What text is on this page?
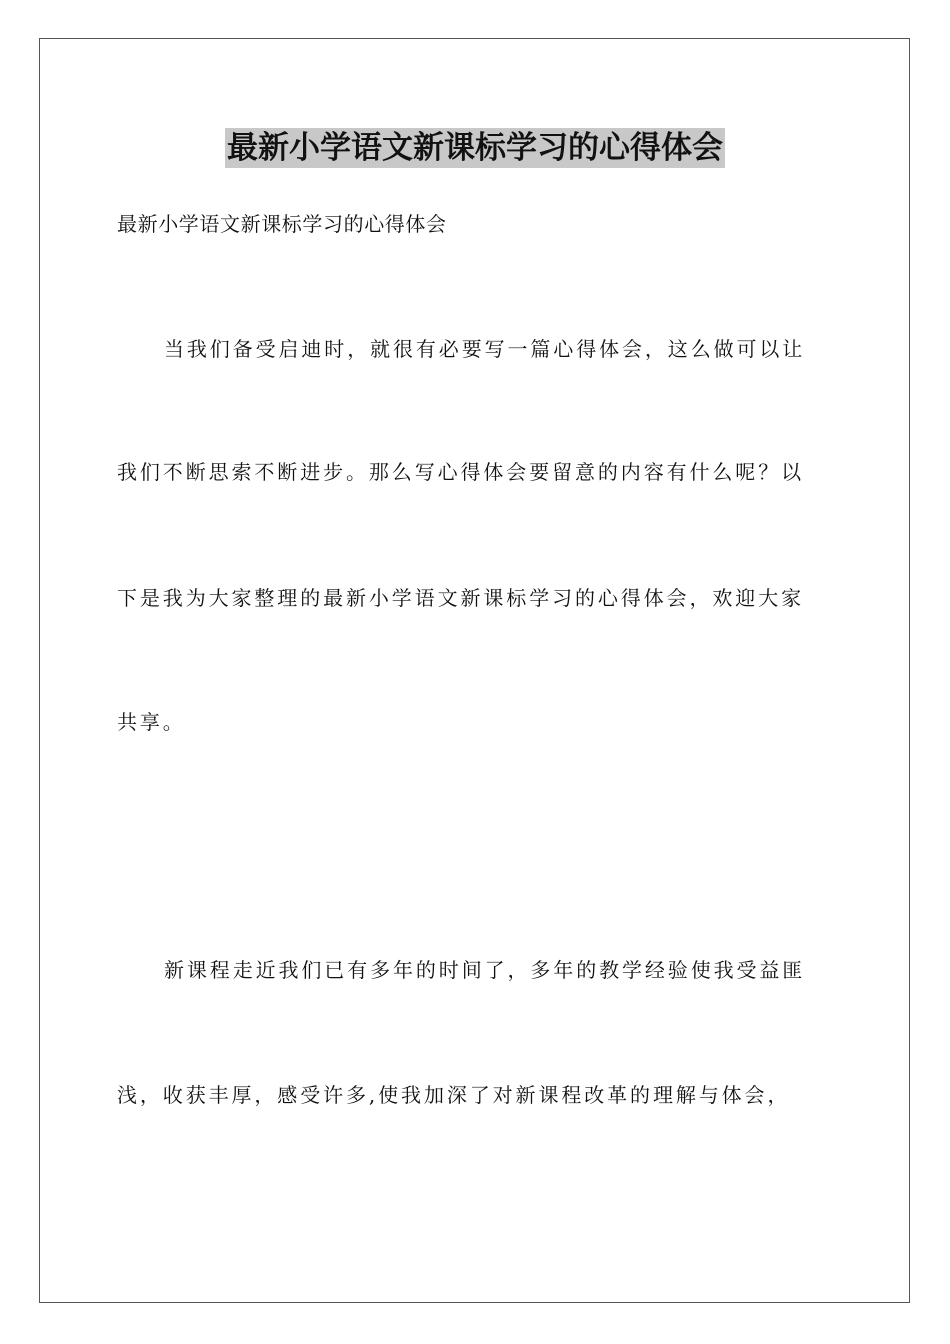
最新小学语文新课标学习的心得体会
最新小学语文新课标学习的心得体会
当我们备受启迪时，就很有必要写一篇心得体会，这么做可以让
我们不断思索不断进步。那么写心得体会要留意的内容有什么呢？以
下是我为大家整理的最新小学语文新课标学习的心得体会，欢迎大家
共享。
新课程走近我们已有多年的时间了，多年的教学经验使我受益匪
浅，收获丰厚，感受许多,使我加深了对新课程改革的理解与体会，
